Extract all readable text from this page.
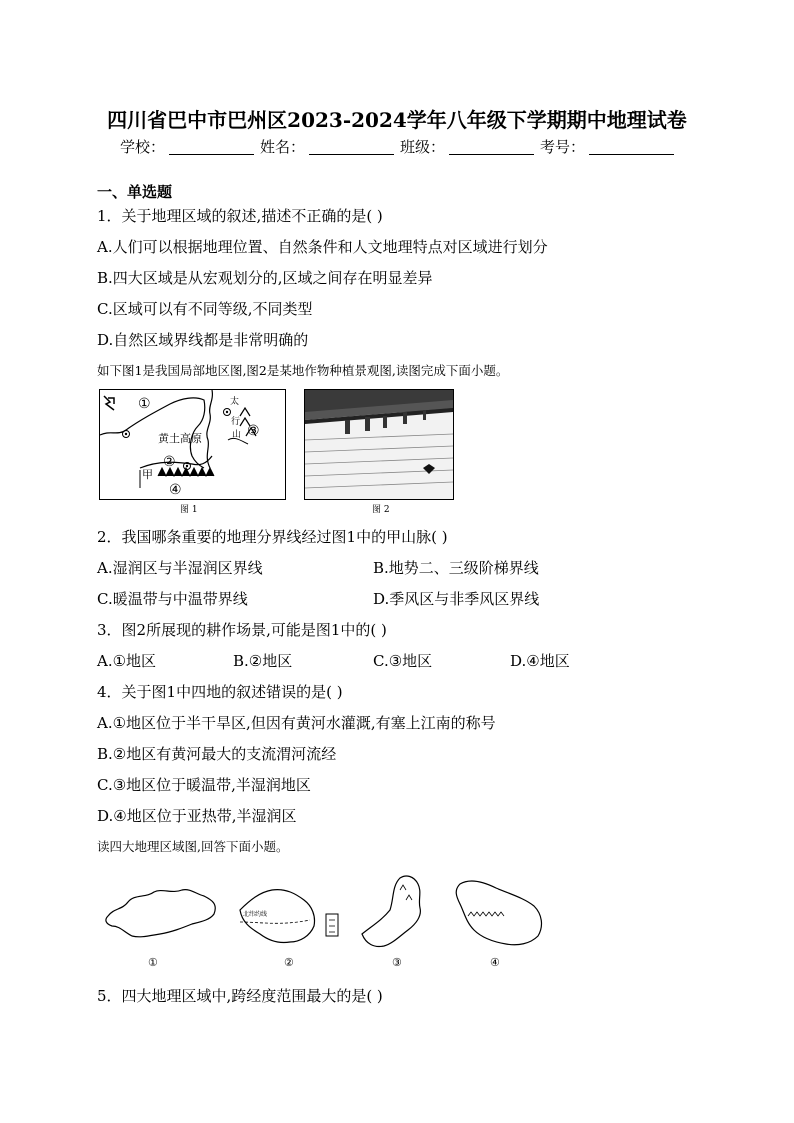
四川省巴中市巴州区2023-2024学年八年级下学期期中地理试卷
学校：	姓名：	班级：	考号：
一、单选题
1．关于地理区域的叙述,描述不正确的是( )
A.人们可以根据地理位置、自然条件和人文地理特点对区域进行划分
B.四大区域是从宏观划分的,区域之间存在明显差异
C.区域可以有不同等级,不同类型
D.自然区域界线都是非常明确的
如下图1是我国局部地区图,图2是某地作物种植景观图,读图完成下面小题。
①
②
③
④
黄土高原
甲
太
行
山
图 1	图 2
2．我国哪条重要的地理分界线经过图1中的甲山脉( )
A.湿润区与半湿润区界线	B.地势二、三级阶梯界线
C.暖温带与中温带界线	D.季风区与非季风区界线
3．图2所展现的耕作场景,可能是图1中的( )
A.①地区	B.②地区	C.③地区	D.④地区
4．关于图1中四地的叙述错误的是( )
A.①地区位于半干旱区,但因有黄河水灌溉,有塞上江南的称号
B.②地区有黄河最大的支流渭河流经
C.③地区位于暖温带,半湿润地区
D.④地区位于亚热带,半湿润区
读四大地理区域图,回答下面小题。
①
北纬约线
②	③	④
5．四大地理区域中,跨经度范围最大的是( )
